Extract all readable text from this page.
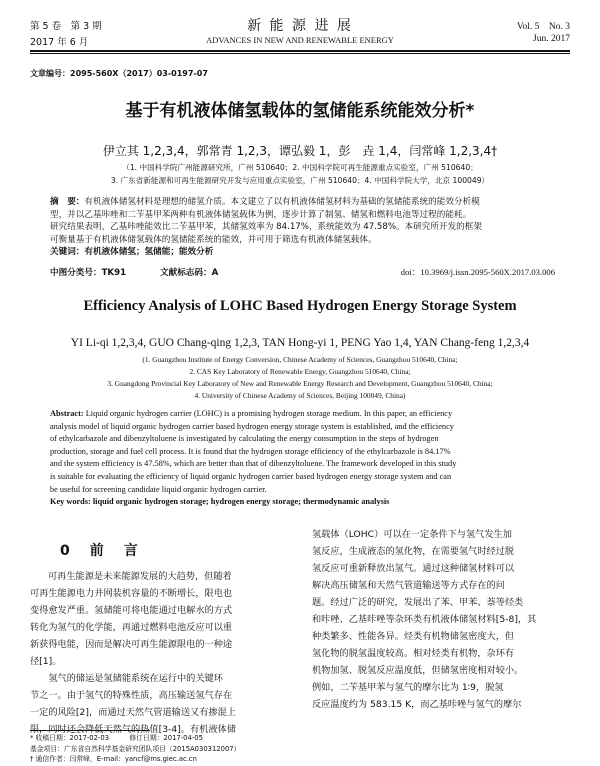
第 5 卷　第 3 期
2017 年 6 月
新 能 源 进 展
ADVANCES IN NEW AND RENEWABLE ENERGY
Vol. 5　No. 3
Jun. 2017
文章编号：2095-560X（2017）03-0197-07
基于有机液体储氢载体的氢储能系统能效分析*
伊立其 1,2,3,4，郭常青 1,2,3，谭弘毅 1，彭　垚 1,4，闫常峰 1,2,3,4†
（1. 中国科学院广州能源研究所，广州 510640；2. 中国科学院可再生能源重点实验室，广州 510640；
3. 广东省新能源和可再生能源研究开发与应用重点实验室，广州 510640；4. 中国科学院大学，北京 100049）
摘　要：有机液体储氢材料是理想的储氢介质。本文建立了以有机液体储氢材料为基础的氢储能系统的能效分析模
型，并以乙基咔唑和二苄基甲苯两种有机液体储氢载体为例，逐步计算了制氢、储氢和燃料电池等过程的能耗。
研究结果表明，乙基咔唑能效比二苄基甲苯，其储氢效率为 84.17%，系统能效为 47.58%。本研究所开发的框架
可衡量基于有机液体储氢载体的氢储能系统的能效，并可用于筛选有机液体储氢载体。
关键词：有机液体储氢；氢储能；能效分析
中图分类号：TK91	文献标志码：A	doi：10.3969/j.issn.2095-560X.2017.03.006
Efficiency Analysis of LOHC Based Hydrogen Energy Storage System
YI Li-qi 1,2,3,4, GUO Chang-qing 1,2,3, TAN Hong-yi 1, PENG Yao 1,4, YAN Chang-feng 1,2,3,4
(1. Guangzhou Institute of Energy Conversion, Chinese Academy of Sciences, Guangzhou 510640, China;
2. CAS Key Laboratory of Renewable Energy, Guangzhou 510640, China;
3. Guangdong Provincial Key Laboratory of New and Renewable Energy Research and Development, Guangzhou 510640, China;
4. University of Chinese Academy of Sciences, Beijing 100049, China)
Abstract: Liquid organic hydrogen carrier (LOHC) is a promising hydrogen storage medium. In this paper, an efficiency
analysis model of liquid organic hydrogen carrier based hydrogen energy storage system is established, and the efficiency
of ethylcarbazole and dibenzyltoluene is investigated by calculating the energy consumption in the steps of hydrogen
production, storage and fuel cell process. It is found that the hydrogen storage efficiency of the ethylcarbazole is 84.17%
and the system efficiency is 47.58%, which are better than that of dibenzyltoluene. The framework developed in this study
is suitable for evaluating the efficiency of liquid organic hydrogen carrier based hydrogen energy storage system and can
be useful for screening candidate liquid organic hydrogen carrier.
Key words: liquid organic hydrogen storage; hydrogen energy storage; thermodynamic analysis
0　前　言
可再生能源是未来能源发展的大趋势，但随着
可再生能源电力并网装机容量的不断增长，限电也
变得愈发严重。氢储能可将电能通过电解水的方式
转化为氢气的化学能，再通过燃料电池反应可以重
新获得电能，因而是解决可再生能源限电的一种途
径[1]。
　　氢气的储运是氢储能系统在运行中的关键环
节之一。由于氢气的特殊性质，高压输送氢气存在
一定的风险[2]，而通过天然气管道输送又有掺混上
限，同时还会降低天然气的热值[3-4]。有机液体储
氢载体（LOHC）可以在一定条件下与氢气发生加
氢反应，生成液态的氢化物，在需要氢气时经过脱
氢反应可重新释放出氢气。通过这种储氢材料可以
解决高压储氢和天然气管道输送等方式存在的问
题。经过广泛的研究，发展出了苯、甲苯、萘等烃类
和咔唑、乙基咔唑等杂环类有机液体储氢材料[5-8]，其
种类繁多、性能各异。烃类有机物储氢密度大，但
氢化物的脱氢温度较高。相对烃类有机物，杂环有
机物加氢、脱氢反应温度低，但储氢密度相对较小。
例如，二苄基甲苯与氢气的摩尔比为 1∶9，脱氢
反应温度约为 583.15 K，而乙基咔唑与氢气的摩尔
* 收稿日期：2017-02-03　　　修订日期：2017-04-05
基金项目：广东省自然科学基金研究团队项目（2015A030312007）
† 通信作者：闫常峰，E-mail：yancf@ms.giec.ac.cn
